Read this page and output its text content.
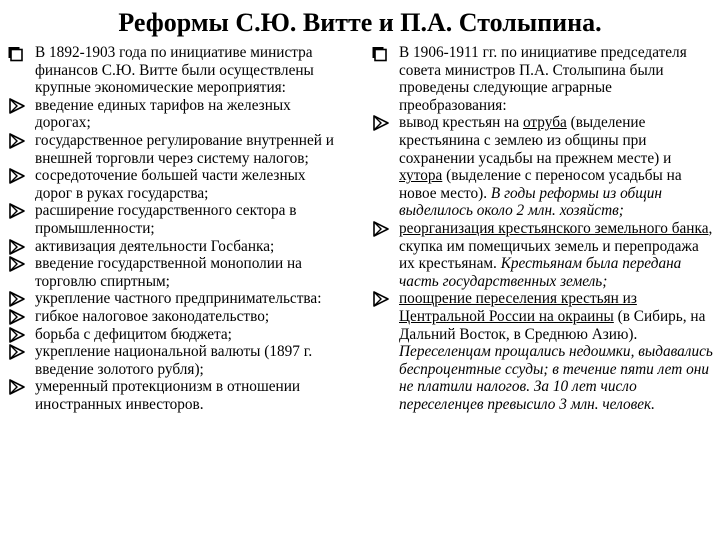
Реформы С.Ю. Витте и П.А. Столыпина.
В 1892-1903 года по инициативе министра финансов С.Ю. Витте были осуществлены крупные экономические мероприятия:
введение единых тарифов на железных дорогах;
государственное регулирование внутренней и внешней торговли через систему налогов;
сосредоточение большей части железных дорог в руках государства;
расширение государственного сектора в промышленности;
активизация деятельности Госбанка;
введение государственной монополии на торговлю спиртным;
укрепление частного предпринимательства:
гибкое налоговое законодательство;
борьба с дефицитом бюджета;
укрепление национальной валюты (1897 г. введение золотого рубля);
умеренный протекционизм в отношении иностранных инвесторов.
В 1906-1911 гг. по инициативе председателя совета министров П.А. Столыпина были проведены следующие аграрные преобразования:
вывод крестьян на отруба (выделение крестьянина с землею из общины при сохранении усадьбы на прежнем месте) и хутора (выделение с переносом усадьбы на новое место). В годы реформы из общин выделилось около 2 млн. хозяйств;
реорганизация крестьянского земельного банка, скупка им помещичьих земель и перепродажа их крестьянам. Крестьянам была передана часть государственных земель;
поощрение переселения крестьян из Центральной России на окраины (в Сибирь, на Дальний Восток, в Среднюю Азию). Переселенцам прощались недоимки, выдавались беспроцентные ссуды; в течение пяти лет они не платили налогов. За 10 лет число переселенцев превысило 3 млн. человек.
